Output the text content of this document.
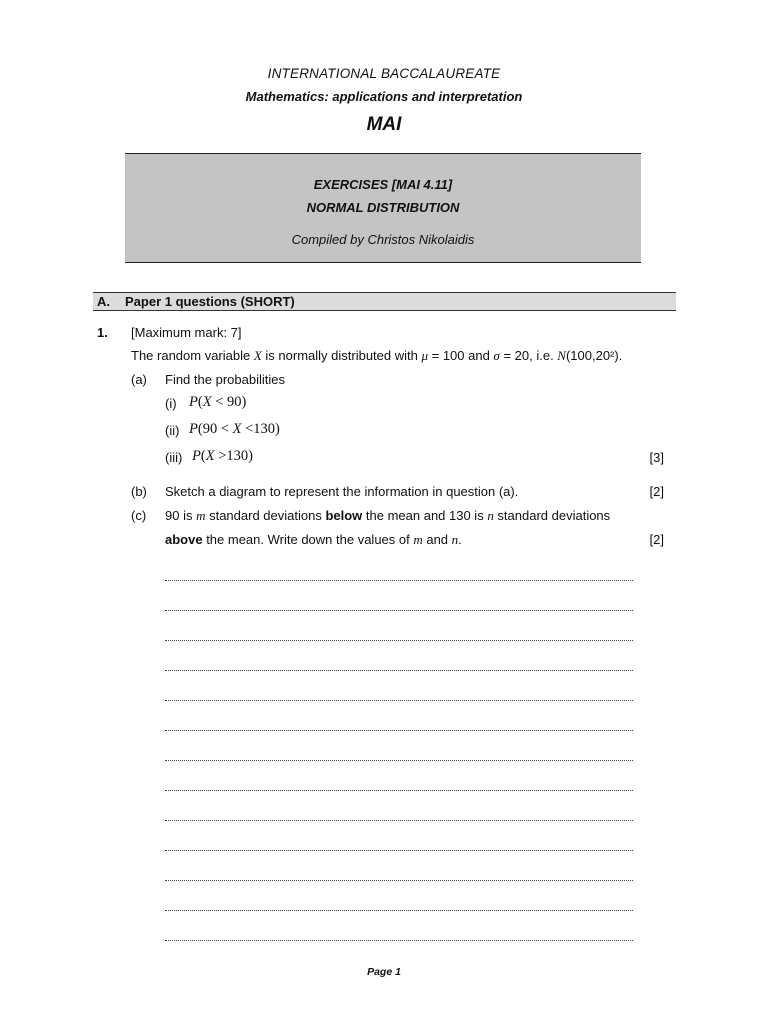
INTERNATIONAL BACCALAUREATE
Mathematics: applications and interpretation
MAI
EXERCISES [MAI 4.11]
NORMAL DISTRIBUTION
Compiled by Christos Nikolaidis
A. Paper 1 questions (SHORT)
1. [Maximum mark: 7]
The random variable X is normally distributed with μ = 100 and σ = 20, i.e. N(100,20²).
(a) Find the probabilities
(i) P(X < 90)
(ii) P(90 < X <130)
(iii) P(X >130)	[3]
(b) Sketch a diagram to represent the information in question (a).	[2]
(c) 90 is m standard deviations below the mean and 130 is n standard deviations
above the mean. Write down the values of m and n.	[2]
Page 1
